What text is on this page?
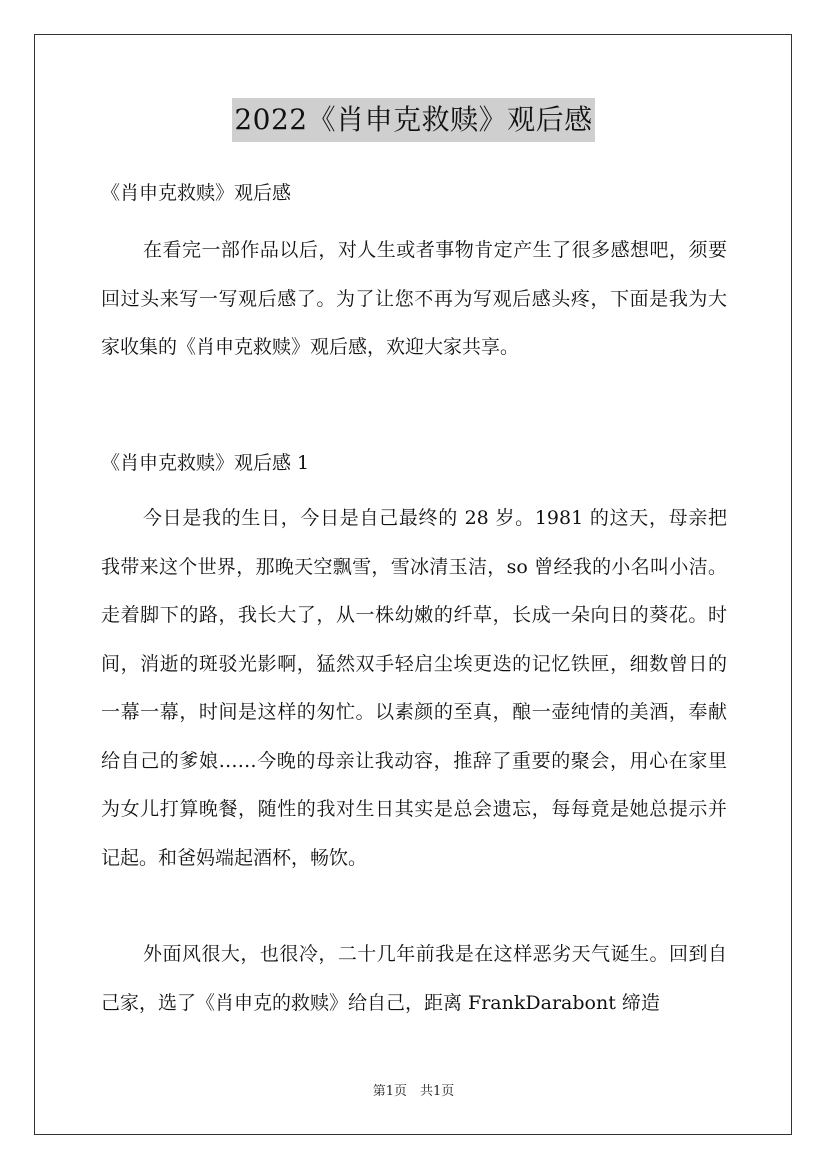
2022《肖申克救赎》观后感

《肖申克救赎》观后感

在看完一部作品以后，对人生或者事物肯定产生了很多感想吧，须要回过头来写一写观后感了。为了让您不再为写观后感头疼，下面是我为大家收集的《肖申克救赎》观后感，欢迎大家共享。

《肖申克救赎》观后感 1

今日是我的生日，今日是自己最终的 28 岁。1981 的这天，母亲把我带来这个世界，那晚天空飘雪，雪冰清玉洁，so 曾经我的小名叫小洁。走着脚下的路，我长大了，从一株幼嫩的纤草，长成一朵向日的葵花。时间，消逝的斑驳光影啊，猛然双手轻启尘埃更迭的记忆铁匣，细数曾日的一幕一幕，时间是这样的匆忙。以素颜的至真，酿一壶纯情的美酒，奉献给自己的爹娘……今晚的母亲让我动容，推辞了重要的聚会，用心在家里为女儿打算晚餐，随性的我对生日其实是总会遗忘，每每竟是她总提示并记起。和爸妈端起酒杯，畅饮。

外面风很大，也很冷，二十几年前我是在这样恶劣天气诞生。回到自己家，选了《肖申克的救赎》给自己，距离 FrankDarabont 缔造

第1页　共1页
